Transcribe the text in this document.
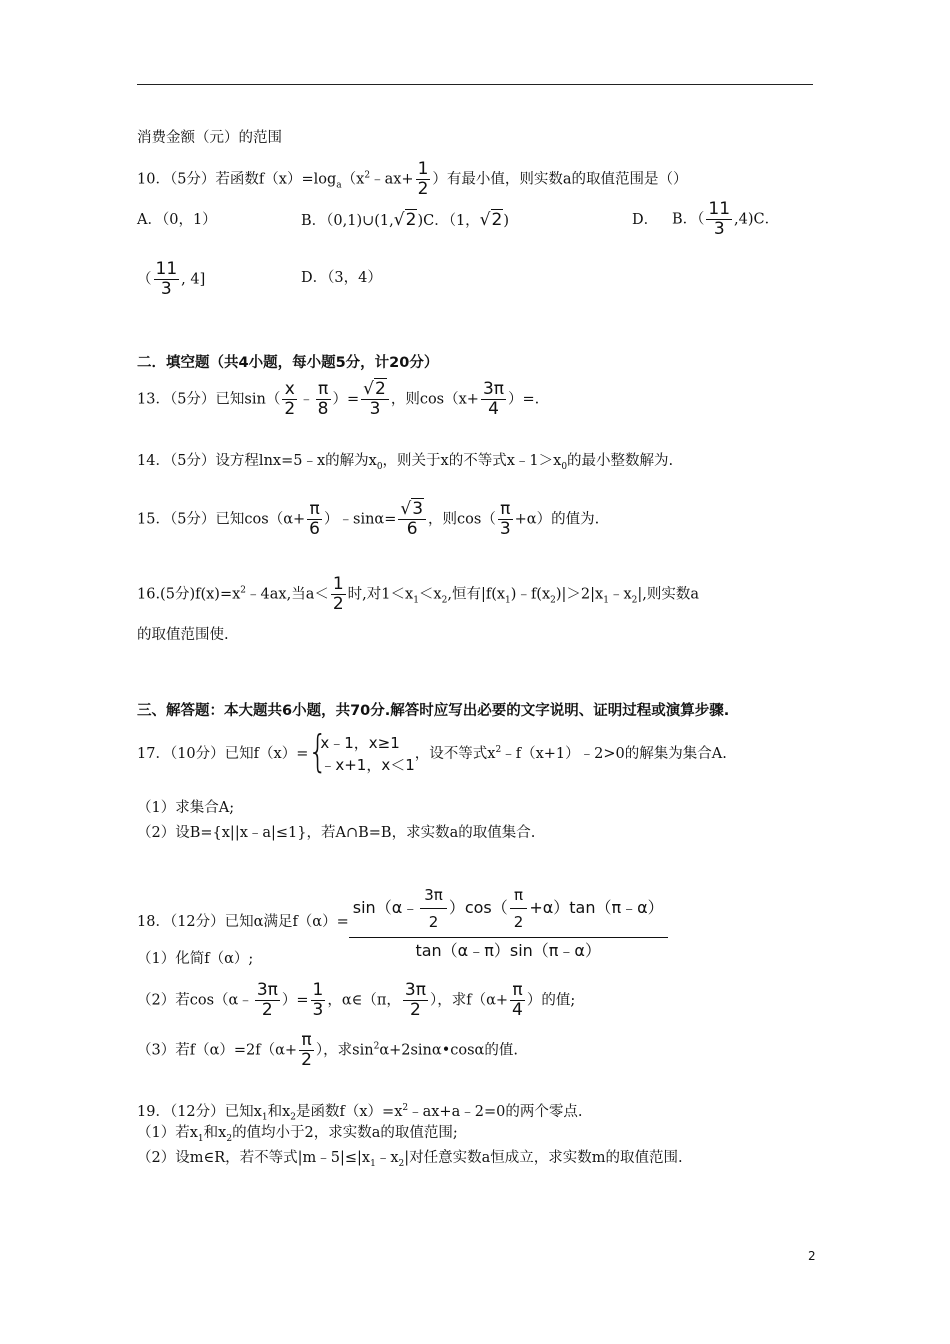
消费金额（元）的范围
10．（5分）若函数$f(x)=\log_a(x^2﹣ax+ \frac{1}{2}$ ）有最小值，则实数a的取值范围是（）
A．（0，1）	B．（0,1)∪(1,√2)C．（1，√2)	D． B．（ $\frac{11}{3} ,4)C$．
（ $\frac{11}{3}$ , 4]	D．（3，4）
二．填空题（共4小题，每小题5分，计20分）
13．（5分）已知$\sin( \frac{x}{2}$ ﹣ $\frac{\pi}{8}$ ）= $\frac{√2}{3}$ ，则$\cos(x+ \frac{3\pi}{4}$ ）=.
14．（5分）设方程lnx=5﹣x的解为$x_0$，则关于x的不等式$x﹣1>x_0$的最小整数解为.
15．（5分）已知$\cos(\alpha+ \frac{\pi}{6}$ ）﹣sinα= $\frac{√3}{6}$ ，则$\cos( \frac{\pi}{3} +\alpha)$的值为.
16.(5分)$f(x)=x^2﹣4ax$,当$a< \frac{1}{2}$ 时,对$1<x_1<x_2$,恒有$|f(x_1)﹣f(x_2)|>2|x_1﹣x_2|$,则实数a
的取值范围使.
三、解答题：本大题共6小题，共70分.解答时应写出必要的文字说明、证明过程或演算步骤.
17．（10分）已知f（x）= {
x﹣1，x≥1
﹣x+1，x＜1
，设不等式$x^2﹣f(x+1)﹣2>0$的解集为集合A.
（1）求集合A;
（2）设B={x||x﹣a|≤1}，若A∩B=B，求实数a的取值集合.
18．（12分）已知α满足$f(\alpha)= \frac{\sin(\alpha﹣ \frac{3\pi}{2} )\cos( \frac{\pi}{2} +\alpha)\tan(\pi﹣\alpha)}{\tan(\alpha﹣\pi)\sin(\pi﹣\alpha)}$
（1）化简f（α）;
（2）若cos（α﹣ $\frac{3\pi}{2}$ ）= $\frac{1}{3}$ ，α∈（π， $\frac{3\pi}{2}$ ），求$f(\alpha+ \frac{\pi}{4}$ ）的值;
（3）若$f(\alpha)=2f(\alpha+ \frac{\pi}{2}$ ），求$\sin^2\alpha+2\sin\alpha•\cos\alpha$的值.
19．（12分）已知$x_1$和$x_2$是函数$f(x)=x^2﹣ax+a﹣2=0$的两个零点.
（1）若$x_1$和$x_2$的值均小于2，求实数a的取值范围;
（2）设m∈R，若不等式$|m﹣5|\le|x_1﹣x_2|$对任意实数a恒成立，求实数m的取值范围.
2
